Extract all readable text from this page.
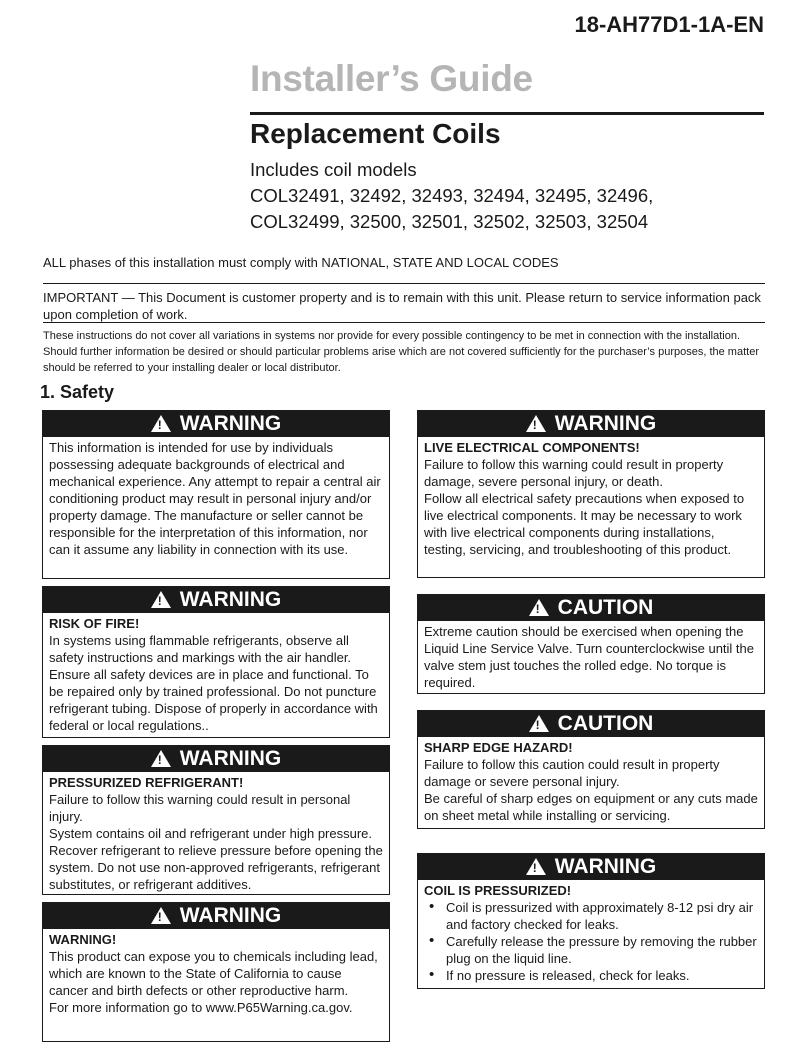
18-AH77D1-1A-EN
Installer’s Guide
Replacement Coils
Includes coil models
COL32491, 32492, 32493, 32494, 32495, 32496,
COL32499, 32500, 32501, 32502, 32503, 32504
ALL phases of this installation must comply with NATIONAL, STATE AND LOCAL CODES
IMPORTANT — This Document is customer property and is to remain with this unit. Please return to service information pack upon completion of work.
These instructions do not cover all variations in systems nor provide for every possible contingency to be met in connection with the installation. Should further information be desired or should particular problems arise which are not covered sufficiently for the purchaser’s purposes, the matter should be referred to your installing dealer or local distributor.
1. Safety
!
WARNING

This information is intended for use by individuals possessing adequate backgrounds of electrical and mechanical experience. Any attempt to repair a central air conditioning product may result in personal injury and/or property damage. The manufacture or seller cannot be responsible for the interpretation of this information, nor can it assume any liability in connection with its use.

!
WARNING

RISK OF FIRE!

In systems using flammable refrigerants, observe all safety instructions and markings with the air handler. Ensure all safety devices are in place and functional. To be repaired only by trained professional. Do not puncture refrigerant tubing. Dispose of properly in accordance with federal or local regulations..

!
WARNING

PRESSURIZED REFRIGERANT!

Failure to follow this warning could result in personal injury.

System contains oil and refrigerant under high pressure. Recover refrigerant to relieve pressure before opening the system. Do not use non-approved refrigerants, refrigerant substitutes, or refrigerant additives.

!
WARNING

WARNING!

This product can expose you to chemicals including lead, which are known to the State of California to cause cancer and birth defects or other reproductive harm.

For more information go to www.P65Warning.ca.gov.

!
WARNING

LIVE ELECTRICAL COMPONENTS!

Failure to follow this warning could result in property damage, severe personal injury, or death.

Follow all electrical safety precautions when exposed to live electrical components. It may be necessary to work with live electrical components during installations, testing, servicing, and troubleshooting of this product.

!
CAUTION

Extreme caution should be exercised when opening the Liquid Line Service Valve. Turn counterclockwise until the valve stem just touches the rolled edge. No torque is required.

!
CAUTION

SHARP EDGE HAZARD!

Failure to follow this caution could result in property damage or severe personal injury.

Be careful of sharp edges on equipment or any cuts made on sheet metal while installing or servicing.

!
WARNING

COIL IS PRESSURIZED!

• Coil is pressurized with approximately 8-12 psi dry air and factory checked for leaks.
• Carefully release the pressure by removing the rubber plug on the liquid line.
• If no pressure is released, check for leaks.
